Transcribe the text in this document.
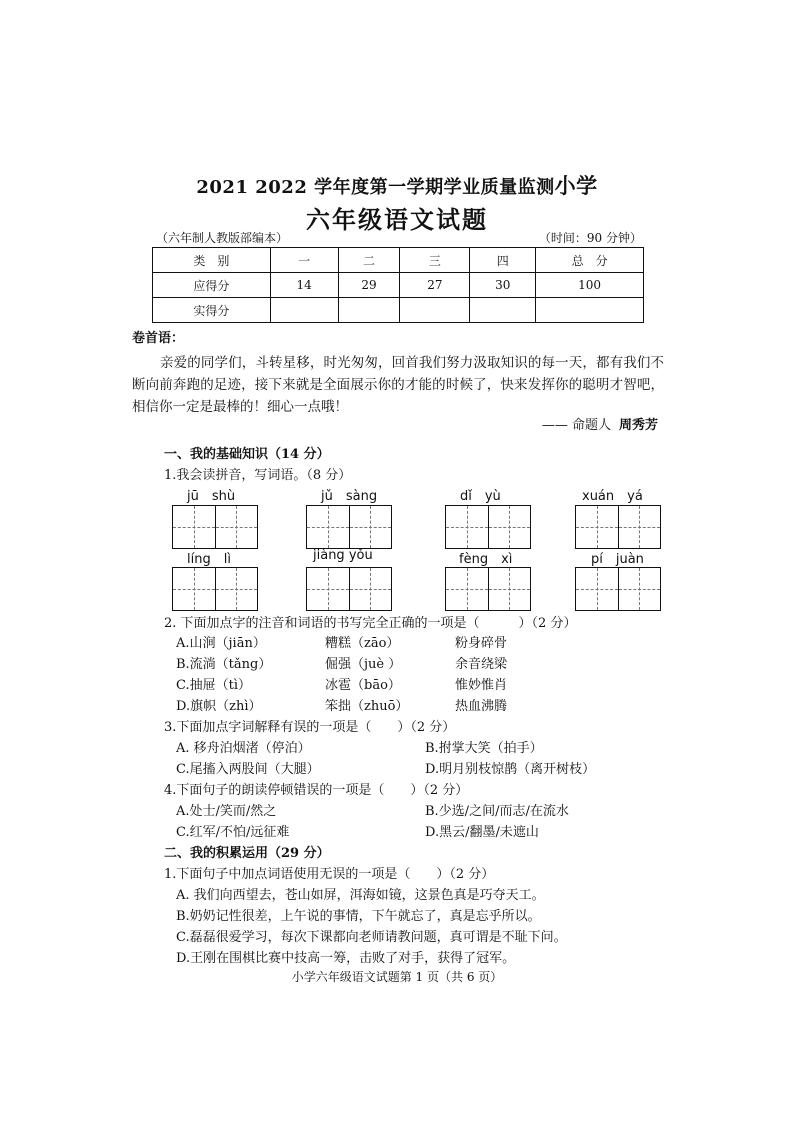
2021 2022 学年度第一学期学业质量监测小学
六年级语文试题
（六年制人教版部编本）	（时间：90 分钟）
类　别	一	二	三	四	总　分
应得分	14	29	27	30	100
实得分					
卷首语：
亲爱的同学们，斗转星移，时光匆匆，回首我们努力汲取知识的每一天，都有我们不断向前奔跑的足迹，接下来就是全面展示你的才能的时候了，快来发挥你的聪明才智吧，相信你一定是最棒的！细心一点哦！
—— 命题人 周秀芳
一、我的基础知识（14 分）
1.我会读拼音，写词语。（8 分）
jū　shù	jǔ　sàng	dǐ　yù	xuán　yá
líng　lì	jiàng yǒu	fèng　xì	pí　juàn
2. 下面加点字的注音和词语的书写完全正确的一项是（　　　）（2 分）
A.山涧（jiān）	糟糕（zāo）	粉身碎骨
B.流淌（tǎng）	倔强（juè ）	余音绕梁
C.抽屉（tì）	冰雹（bāo）	惟妙惟肖
D.旗帜（zhì）	笨拙（zhuō）	热血沸腾
3.下面加点字词解释有误的一项是（　　）（2 分）
A. 移舟泊烟渚（停泊）	B.拊掌大笑（拍手）
C.尾搐入两股间（大腿）	D.明月别枝惊鹊（离开树枝）
4.下面句子的朗读停顿错误的一项是（　　）（2 分）
A.处士/笑而/然之	B.少选/之间/而志/在流水
C.红军/不怕/远征难	D.黑云/翻墨/未遮山
二、我的积累运用（29 分）
1.下面句子中加点词语使用无误的一项是（　　）（2 分）
A. 我们向西望去，苍山如屏，洱海如镜，这景色真是巧夺天工。
B.奶奶记性很差，上午说的事情，下午就忘了，真是忘乎所以。
C.磊磊很爱学习，每次下课都向老师请教问题，真可谓是不耻下问。
D.王刚在围棋比赛中技高一筹，击败了对手，获得了冠军。
小学六年级语文试题第 1 页（共 6 页）
